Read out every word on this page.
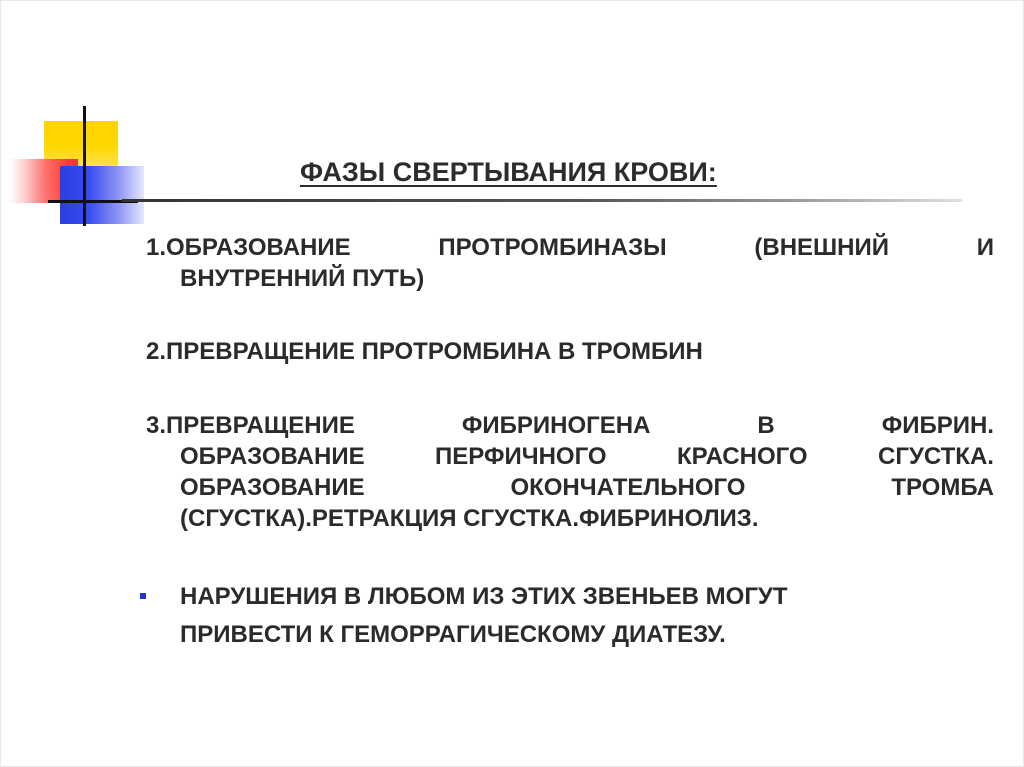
ФАЗЫ СВЕРТЫВАНИЯ КРОВИ:
1.ОБРАЗОВАНИЕ	ПРОТРОМБИНАЗЫ	(ВНЕШНИЙ	И
ВНУТРЕННИЙ ПУТЬ)
2.ПРЕВРАЩЕНИЕ ПРОТРОМБИНА В ТРОМБИН
3.ПРЕВРАЩЕНИЕ	ФИБРИНОГЕНА	В	ФИБРИН.
ОБРАЗОВАНИЕ	ПЕРФИЧНОГО	КРАСНОГО	СГУСТКА.
ОБРАЗОВАНИЕ	ОКОНЧАТЕЛЬНОГО	ТРОМБА
(СГУСТКА).РЕТРАКЦИЯ СГУСТКА.ФИБРИНОЛИЗ.
НАРУШЕНИЯ В ЛЮБОМ ИЗ ЭТИХ ЗВЕНЬЕВ МОГУТ
ПРИВЕСТИ К ГЕМОРРАГИЧЕСКОМУ ДИАТЕЗУ.
